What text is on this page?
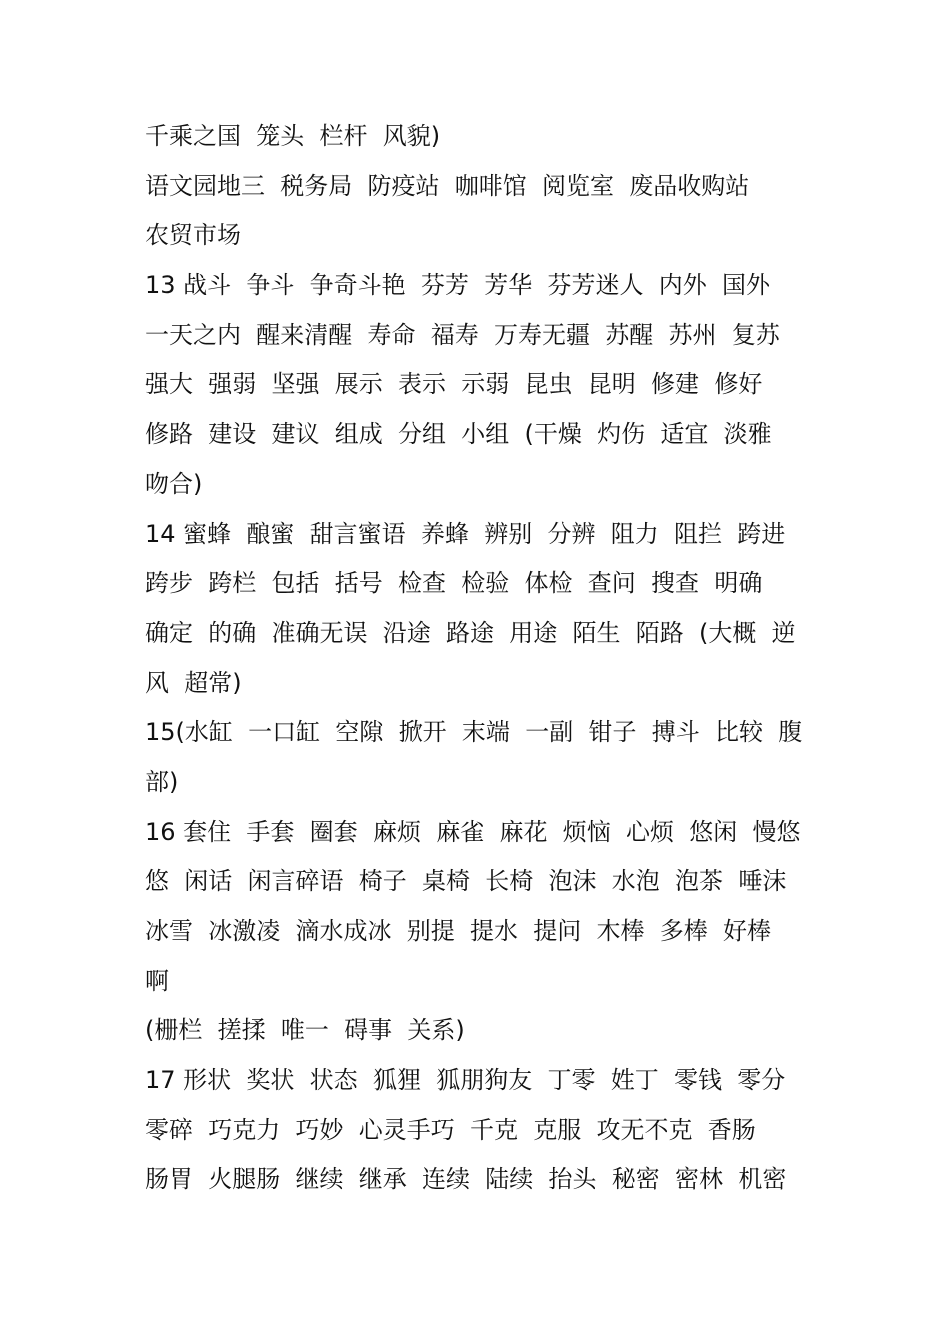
千乘之国  笼头  栏杆  风貌)
语文园地三  税务局  防疫站  咖啡馆  阅览室  废品收购站
农贸市场
13 战斗  争斗  争奇斗艳  芬芳  芳华  芬芳迷人  内外  国外
一天之内  醒来清醒  寿命  福寿  万寿无疆  苏醒  苏州  复苏
强大  强弱  坚强  展示  表示  示弱  昆虫  昆明  修建  修好
修路  建设  建议  组成  分组  小组  (干燥  灼伤  适宜  淡雅
吻合)
14 蜜蜂  酿蜜  甜言蜜语  养蜂  辨别  分辨  阻力  阻拦  跨进
跨步  跨栏  包括  括号  检查  检验  体检  查问  搜查  明确
确定  的确  准确无误  沿途  路途  用途  陌生  陌路  (大概  逆
风  超常)
15(水缸  一口缸  空隙  掀开  末端  一副  钳子  搏斗  比较  腹
部)
16 套住  手套  圈套  麻烦  麻雀  麻花  烦恼  心烦  悠闲  慢悠
悠  闲话  闲言碎语  椅子  桌椅  长椅  泡沫  水泡  泡茶  唾沫
冰雪  冰激凌  滴水成冰  别提  提水  提问  木棒  多棒  好棒
啊
(栅栏  搓揉  唯一  碍事  关系)
17 形状  奖状  状态  狐狸  狐朋狗友  丁零  姓丁  零钱  零分
零碎  巧克力  巧妙  心灵手巧  千克  克服  攻无不克  香肠
肠胃  火腿肠  继续  继承  连续  陆续  抬头  秘密  密林  机密
